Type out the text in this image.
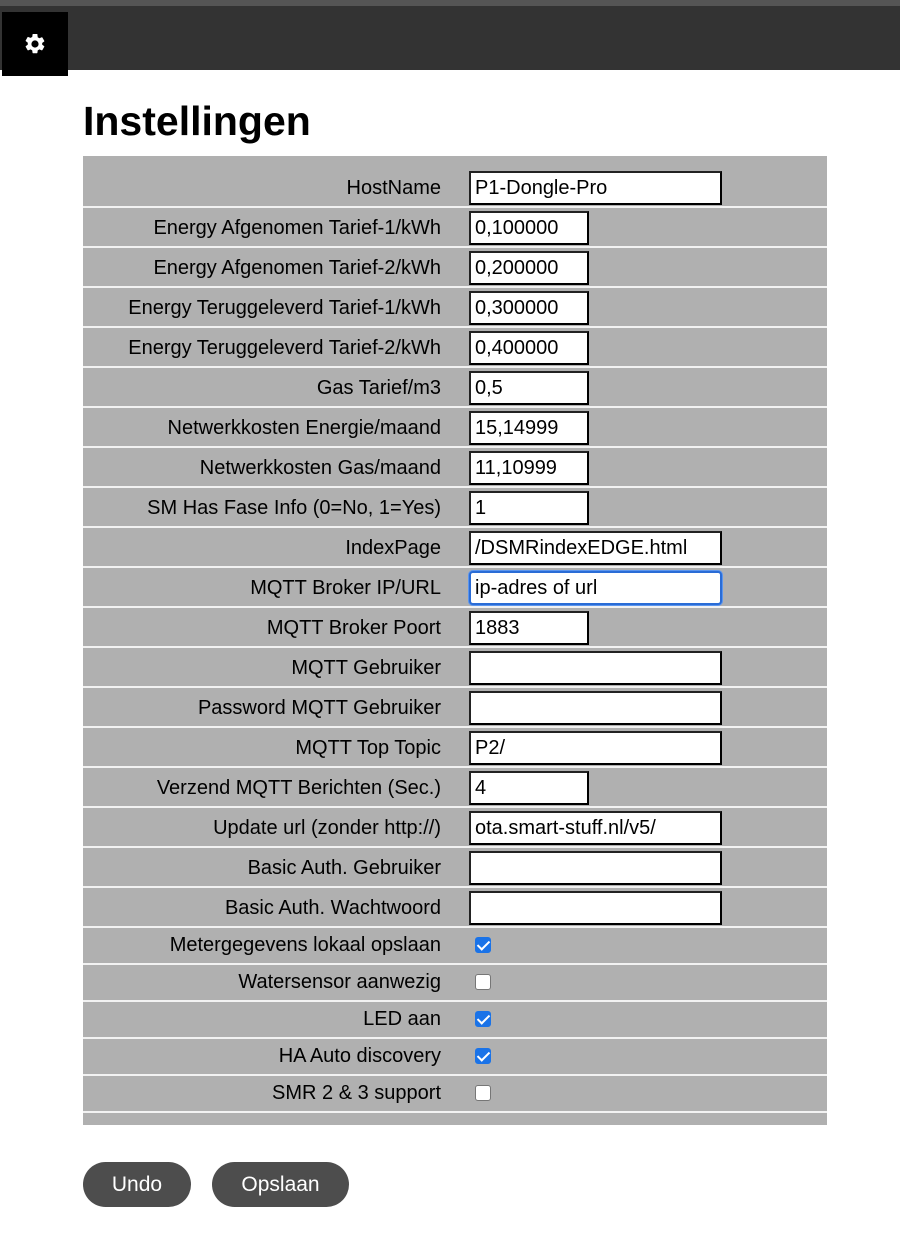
Instellingen
HostName
P1-Dongle-Pro
Energy Afgenomen Tarief-1/kWh
0,100000
Energy Afgenomen Tarief-2/kWh
0,200000
Energy Teruggeleverd Tarief-1/kWh
0,300000
Energy Teruggeleverd Tarief-2/kWh
0,400000
Gas Tarief/m3
0,5
Netwerkkosten Energie/maand
15,14999
Netwerkkosten Gas/maand
11,10999
SM Has Fase Info (0=No, 1=Yes)
1
IndexPage
/DSMRindexEDGE.html
MQTT Broker IP/URL
ip-adres of url
MQTT Broker Poort
1883
MQTT Gebruiker
Password MQTT Gebruiker
MQTT Top Topic
P2/
Verzend MQTT Berichten (Sec.)
4
Update url (zonder http://)
ota.smart-stuff.nl/v5/
Basic Auth. Gebruiker
Basic Auth. Wachtwoord
Metergegevens lokaal opslaan
Watersensor aanwezig
LED aan
HA Auto discovery
SMR 2 & 3 support
Undo	Opslaan
